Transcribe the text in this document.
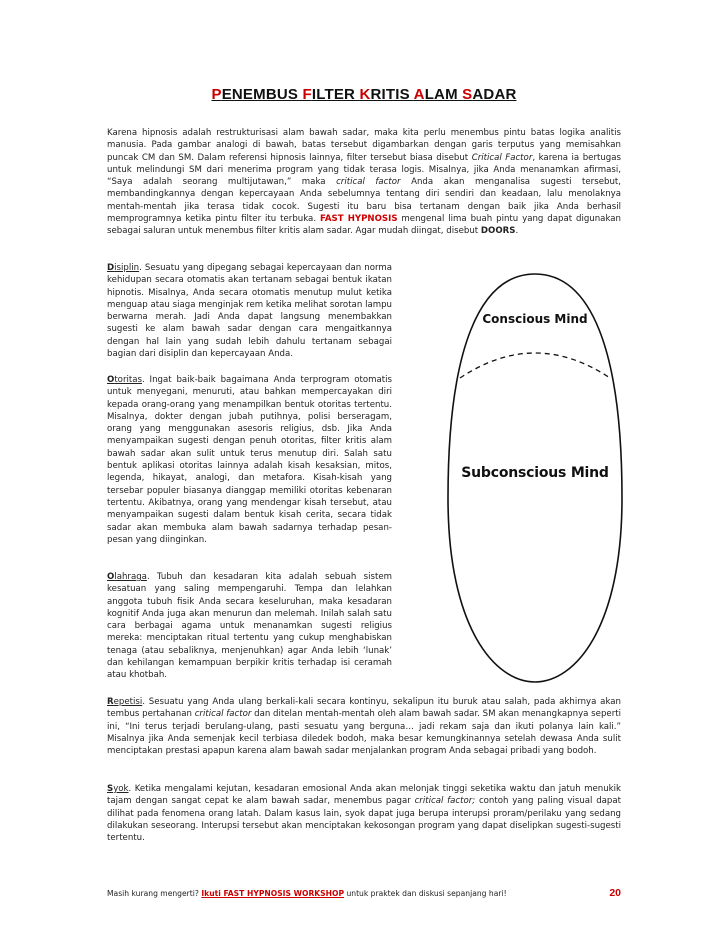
PENEMBUS FILTER KRITIS ALAM SADAR
Karena hipnosis adalah restrukturisasi alam bawah sadar, maka kita perlu menembus pintu batas logika analitis manusia. Pada gambar analogi di bawah, batas tersebut digambarkan dengan garis terputus yang memisahkan puncak CM dan SM. Dalam referensi hipnosis lainnya, filter tersebut biasa disebut Critical Factor, karena ia bertugas untuk melindungi SM dari menerima program yang tidak terasa logis. Misalnya, jika Anda menanamkan afirmasi, “Saya adalah seorang multijutawan,” maka critical factor Anda akan menganalisa sugesti tersebut, membandingkannya dengan kepercayaan Anda sebelumnya tentang diri sendiri dan keadaan, lalu menolaknya mentah-mentah jika terasa tidak cocok. Sugesti itu baru bisa tertanam dengan baik jika Anda berhasil memprogramnya ketika pintu filter itu terbuka. FAST HYPNOSIS mengenal lima buah pintu yang dapat digunakan sebagai saluran untuk menembus filter kritis alam sadar. Agar mudah diingat, disebut DOORS.
Disiplin. Sesuatu yang dipegang sebagai kepercayaan dan norma kehidupan secara otomatis akan tertanam sebagai bentuk ikatan hipnotis. Misalnya, Anda secara otomatis menutup mulut ketika menguap atau siaga menginjak rem ketika melihat sorotan lampu berwarna merah. Jadi Anda dapat langsung menembakkan sugesti ke alam bawah sadar dengan cara mengaitkannya dengan hal lain yang sudah lebih dahulu tertanam sebagai bagian dari disiplin dan kepercayaan Anda.
Otoritas. Ingat baik-baik bagaimana Anda terprogram otomatis untuk menyegani, menuruti, atau bahkan mempercayakan diri kepada orang-orang yang menampilkan bentuk otoritas tertentu. Misalnya, dokter dengan jubah putihnya, polisi berseragam, orang yang menggunakan asesoris religius, dsb. Jika Anda menyampaikan sugesti dengan penuh otoritas, filter kritis alam bawah sadar akan sulit untuk terus menutup diri. Salah satu bentuk aplikasi otoritas lainnya adalah kisah kesaksian, mitos, legenda, hikayat, analogi, dan metafora. Kisah-kisah yang tersebar populer biasanya dianggap memiliki otoritas kebenaran tertentu. Akibatnya, orang yang mendengar kisah tersebut, atau menyampaikan sugesti dalam bentuk kisah cerita, secara tidak sadar akan membuka alam bawah sadarnya terhadap pesan-pesan yang diinginkan.
Olahraga. Tubuh dan kesadaran kita adalah sebuah sistem kesatuan yang saling mempengaruhi. Tempa dan lelahkan anggota tubuh fisik Anda secara keseluruhan, maka kesadaran kognitif Anda juga akan menurun dan melemah. Inilah salah satu cara berbagai agama untuk menanamkan sugesti religius mereka: menciptakan ritual tertentu yang cukup menghabiskan tenaga (atau sebaliknya, menjenuhkan) agar Anda lebih ‘lunak’ dan kehilangan kemampuan berpikir kritis terhadap isi ceramah atau khotbah.
Conscious Mind
Subconscious Mind
Repetisi. Sesuatu yang Anda ulang berkali-kali secara kontinyu, sekalipun itu buruk atau salah, pada akhirnya akan tembus pertahanan critical factor dan ditelan mentah-mentah oleh alam bawah sadar. SM akan menangkapnya seperti ini, “Ini terus terjadi berulang-ulang, pasti sesuatu yang berguna… jadi rekam saja dan ikuti polanya lain kali.” Misalnya jika Anda semenjak kecil terbiasa diledek bodoh, maka besar kemungkinannya setelah dewasa Anda sulit menciptakan prestasi apapun karena alam bawah sadar menjalankan program Anda sebagai pribadi yang bodoh.
Syok. Ketika mengalami kejutan, kesadaran emosional Anda akan melonjak tinggi seketika waktu dan jatuh menukik tajam dengan sangat cepat ke alam bawah sadar, menembus pagar critical factor; contoh yang paling visual dapat dilihat pada fenomena orang latah. Dalam kasus lain, syok dapat juga berupa interupsi proram/perilaku yang sedang dilakukan seseorang. Interupsi tersebut akan menciptakan kekosongan program yang dapat diselipkan sugesti-sugesti tertentu.
Masih kurang mengerti? Ikuti FAST HYPNOSIS WORKSHOP untuk praktek dan diskusi sepanjang hari!	20
